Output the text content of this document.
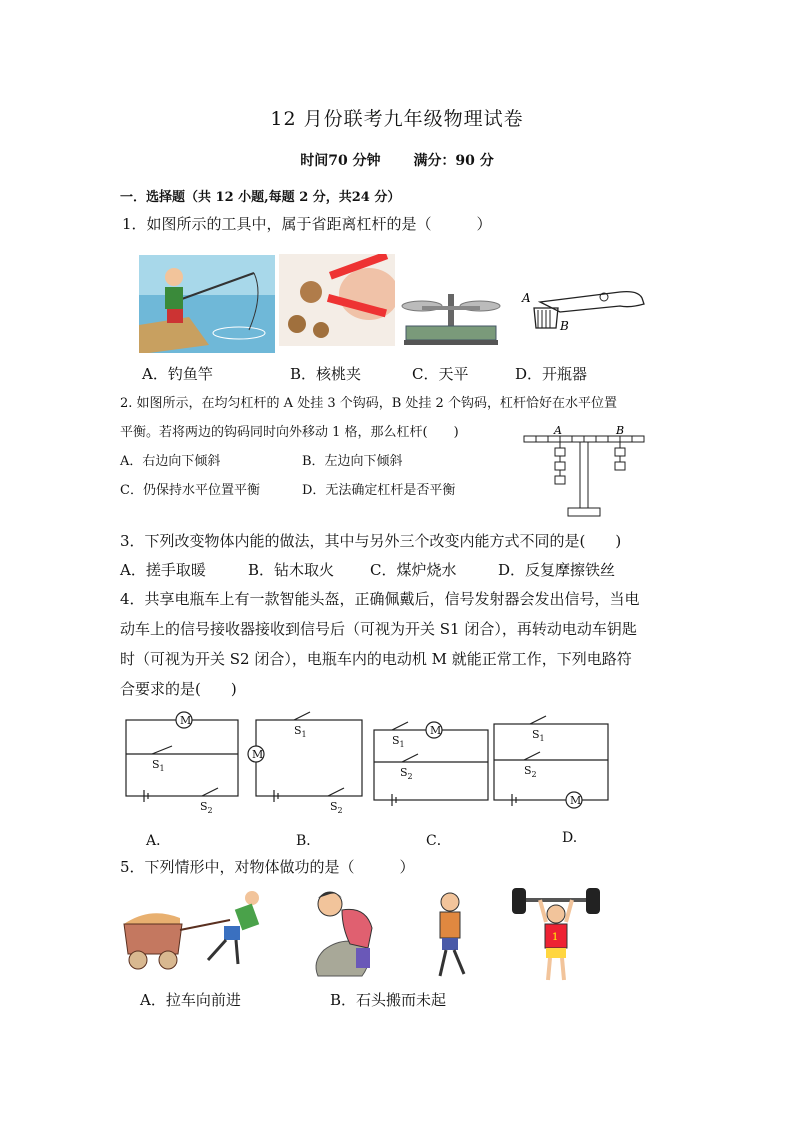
12 月份联考九年级物理试卷
时间70 分钟 满分：90 分
一．选择题（共 12 小题,每题 2 分，共24 分）
1．如图所示的工具中，属于省距离杠杆的是（　　　）
A
B
A．钓鱼竿	B．核桃夹	C．天平	D．开瓶器
2. 如图所示，在均匀杠杆的 A 处挂 3 个钩码，B 处挂 2 个钩码，杠杆恰好在水平位置
平衡。若将两边的钩码同时向外移动 1 格，那么杠杆(　　)
A．右边向下倾斜	B．左边向下倾斜
C．仍保持水平位置平衡	D．无法确定杠杆是否平衡
A	B
3．下列改变物体内能的做法，其中与另外三个改变内能方式不同的是(　　)
A．搓手取暖	B．钻木取火 C．煤炉烧水	D．反复摩擦铁丝
4．共享电瓶车上有一款智能头盔，正确佩戴后，信号发射器会发出信号，当电
动车上的信号接收器接收到信号后（可视为开关 S1 闭合），再转动电动车钥匙
时（可视为开关 S2 闭合），电瓶车内的电动机 M 就能正常工作，下列电路符
合要求的是(　　)
M
$S_1$
$S_2$
M
$S_1$
$S_2$
M
$S_1$
$S_2$
$S_1$
$S_2$
M
A．	B．	C．	D.
5．下列情形中，对物体做功的是（　　　）
1
A．拉车向前进	B．石头搬而未起
